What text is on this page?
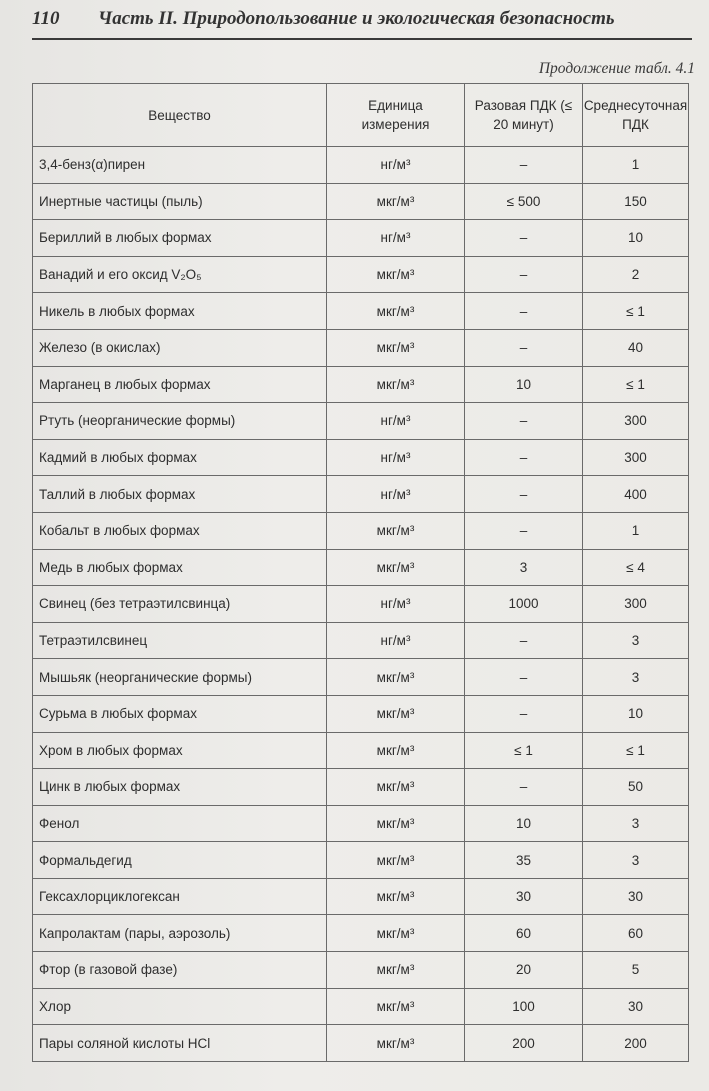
110 Часть II. Природопользование и экологическая безопасность
Продолжение табл. 4.1
Вещество	Единица измерения	Разовая ПДК (≤ 20 минут)	Среднесуточная ПДК

3,4-бенз(α)пирен	нг/м³	–	1
Инертные частицы (пыль)	мкг/м³	≤ 500	150
Бериллий в любых формах	нг/м³	–	10
Ванадий и его оксид V₂O₅	мкг/м³	–	2
Никель в любых формах	мкг/м³	–	≤ 1
Железо (в окислах)	мкг/м³	–	40
Марганец в любых формах	мкг/м³	10	≤ 1
Ртуть (неорганические формы)	нг/м³	–	300
Кадмий в любых формах	нг/м³	–	300
Таллий в любых формах	нг/м³	–	400
Кобальт в любых формах	мкг/м³	–	1
Медь в любых формах	мкг/м³	3	≤ 4
Свинец (без тетраэтилсвинца)	нг/м³	1000	300
Тетраэтилсвинец	нг/м³	–	3
Мышьяк (неорганические формы)	мкг/м³	–	3
Сурьма в любых формах	мкг/м³	–	10
Хром в любых формах	мкг/м³	≤ 1	≤ 1
Цинк в любых формах	мкг/м³	–	50
Фенол	мкг/м³	10	3
Формальдегид	мкг/м³	35	3
Гексахлорциклогексан	мкг/м³	30	30
Капролактам (пары, аэрозоль)	мкг/м³	60	60
Фтор (в газовой фазе)	мкг/м³	20	5
Хлор	мкг/м³	100	30
Пары соляной кислоты HCl	мкг/м³	200	200
